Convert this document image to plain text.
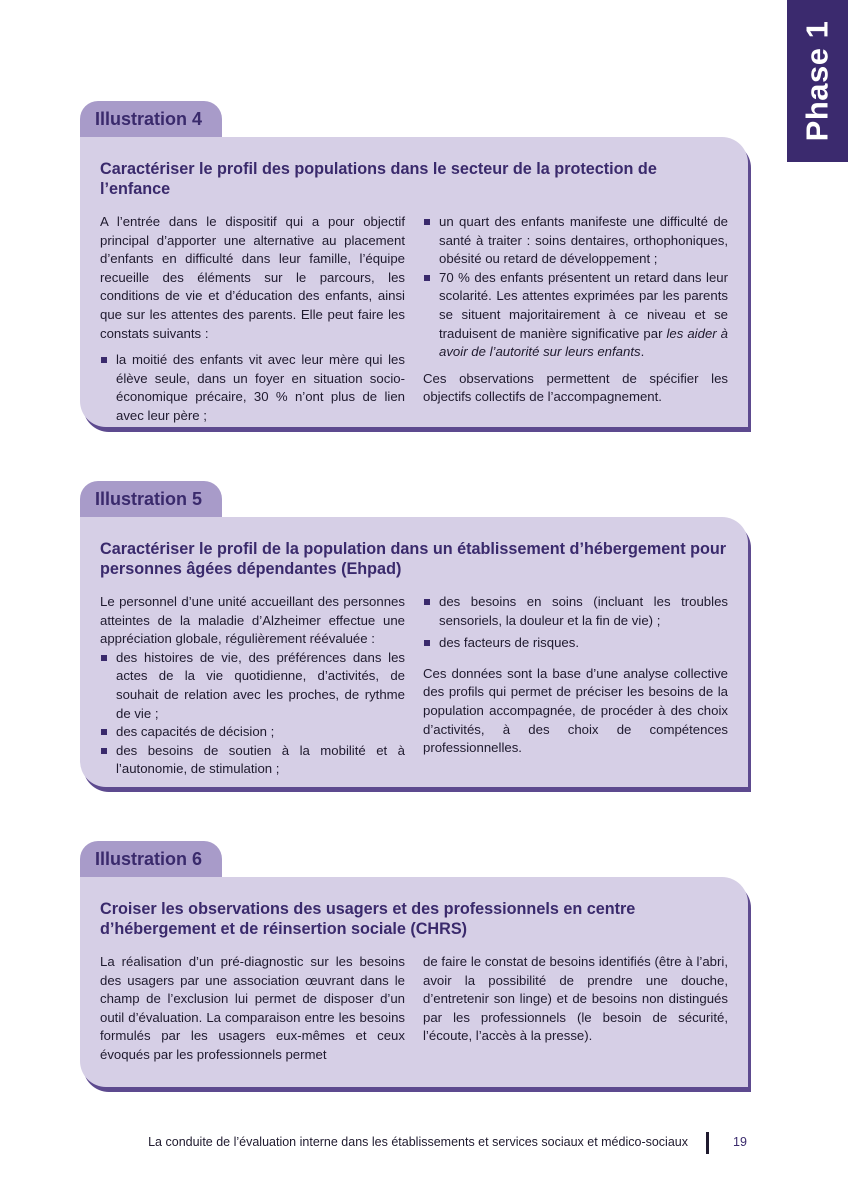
Phase 1
Illustration 4
Caractériser le profil des populations dans le secteur de la protection de l’enfance

A l’entrée dans le dispositif qui a pour objectif principal d’apporter une alternative au placement d’enfants en difficulté dans leur famille, l’équipe recueille des éléments sur le parcours, les conditions de vie et d’éducation des enfants, ainsi que sur les attentes des parents. Elle peut faire les constats suivants :

la moitié des enfants vit avec leur mère qui les élève seule, dans un foyer en situation socio-économique précaire, 30 % n’ont plus de lien avec leur père ;
un quart des enfants manifeste une difficulté de santé à traiter : soins dentaires, orthophoniques, obésité ou retard de développement ;
70 % des enfants présentent un retard dans leur scolarité. Les attentes exprimées par les parents se situent majoritairement à ce niveau et se traduisent de manière significative par les aider à avoir de l’autorité sur leurs enfants.

Ces observations permettent de spécifier les objectifs collectifs de l’accompagnement.

Illustration 5
Caractériser le profil de la population dans un établissement d’hébergement pour personnes âgées dépendantes (Ehpad)

Le personnel d’une unité accueillant des personnes atteintes de la maladie d’Alzheimer effectue une appréciation globale, régulièrement réévaluée :

des histoires de vie, des préférences dans les actes de la vie quotidienne, d’activités, de souhait de relation avec les proches, de rythme de vie ;
des capacités de décision ;
des besoins de soutien à la mobilité et à l’autonomie, de stimulation ;
des besoins en soins (incluant les troubles sensoriels, la douleur et la fin de vie) ;
des facteurs de risques.

Ces données sont la base d’une analyse collective des profils qui permet de préciser les besoins de la population accompagnée, de procéder à des choix d’activités, à des choix de compétences professionnelles.

Illustration 6
Croiser les observations des usagers et des professionnels en centre d’hébergement et de réinsertion sociale (CHRS)

La réalisation d’un pré-diagnostic sur les besoins des usagers par une association œuvrant dans le champ de l’exclusion lui permet de disposer d’un outil d’évaluation. La comparaison entre les besoins formulés par les usagers eux-mêmes et ceux évoqués par les professionnels permet

de faire le constat de besoins identifiés (être à l’abri, avoir la possibilité de prendre une douche, d’entretenir son linge) et de besoins non distingués par les professionnels (le besoin de sécurité, l’écoute, l’accès à la presse).

La conduite de l’évaluation interne dans les établissements et services sociaux et médico-sociaux	19
